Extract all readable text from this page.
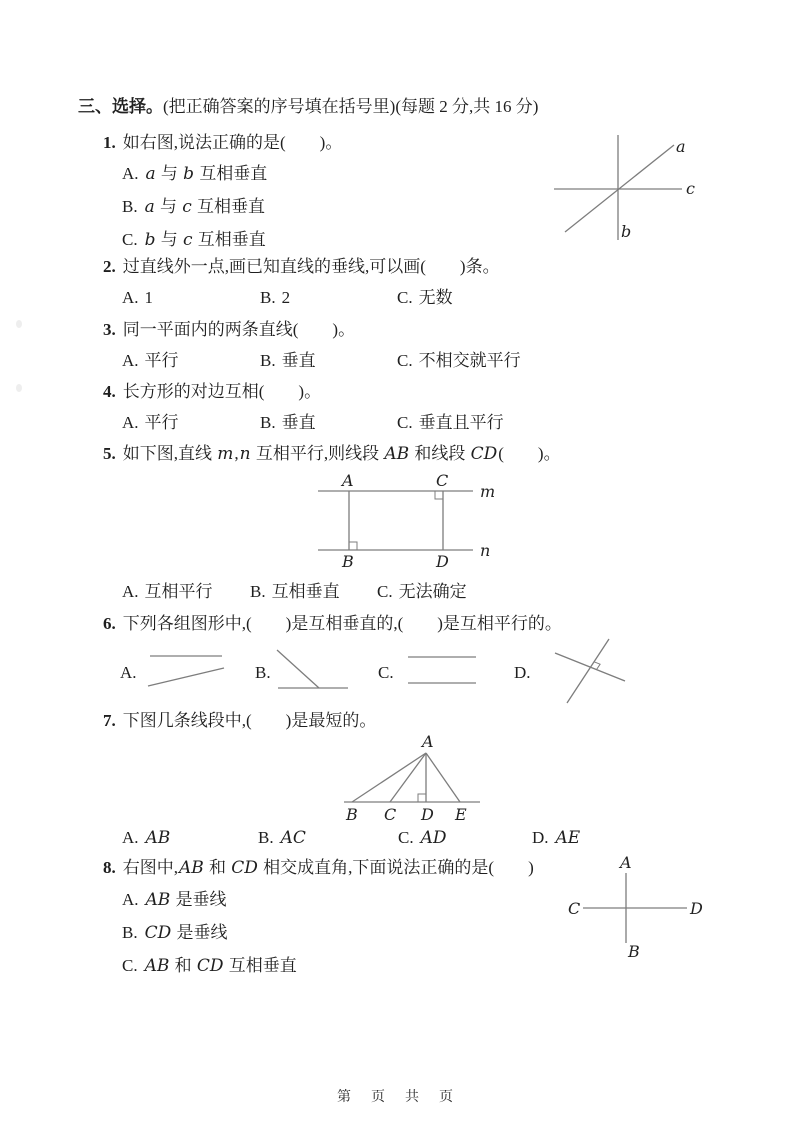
三、选择。(把正确答案的序号填在括号里)(每题 2 分,共 16 分)
1. 如右图,说法正确的是(　　)。
A. a 与 b 互相垂直
B. a 与 c 互相垂直
C. b 与 c 互相垂直
a
c
b
2. 过直线外一点,画已知直线的垂线,可以画(　　)条。
A. 1	B. 2	C. 无数
3. 同一平面内的两条直线(　　)。
A. 平行	B. 垂直	C. 不相交就平行
4. 长方形的对边互相(　　)。
A. 平行	B. 垂直	C. 垂直且平行
5. 如下图,直线 m,n 互相平行,则线段 AB 和线段 CD(　　)。
A	C
B	D
m
n
A. 互相平行 B. 互相垂直 C. 无法确定
6. 下列各组图形中,(　　)是互相垂直的,(　　)是互相平行的。
A.	B.	C.	D.
7. 下图几条线段中,(　　)是最短的。
A
B C D E
A. AB	B. AC	C. AD	D. AE
8. 右图中,AB 和 CD 相交成直角,下面说法正确的是(　　)
A. AB 是垂线
B. CD 是垂线
C. AB 和 CD 互相垂直
A
B
C	D
第　页　共　页
